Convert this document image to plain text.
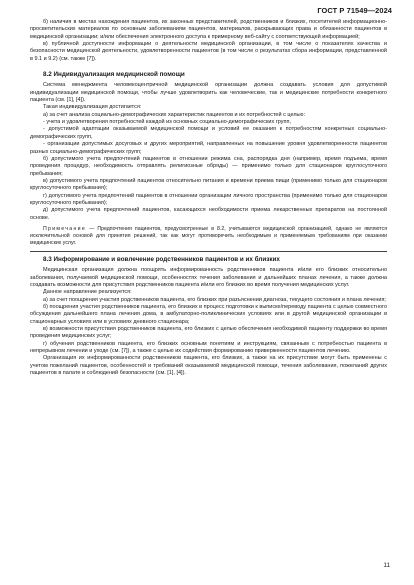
ГОСТ Р 71549—2024

б) наличия в местах нахождения пациентов, их законных представителей, родственников и близких, посетителей информационно-просветительских материалов по основным заболеваниям пациентов, материалов, раскрывающих права и обязанности пациентов в медицинской организации; и/или обеспечения электронного доступа к примерному веб-сайту с соответствующей информацией;

в) публичной доступности информации о деятельности медицинской организации, в том числе о показателях качества и безопасности медицинской деятельности, удовлетворенности пациентов (в том числе о результатах сбора информации, представленной в 9.1 и 9.2) (см. также [7]).

8.2 Индивидуализация медицинской помощи

Система менеджмента человекоцентричной медицинской организации должна создавать условия для допустимой индивидуализации медицинской помощи, чтобы лучше удовлетворить как человеческие, так и медицинские потребности конкретного пациента (см. [1], [4]).

Такая индивидуализация достигается:

а) за счет анализа социально-демографических характеристик пациентов и их потребностей с целью:

- учета и удовлетворения потребностей каждой из основных социально-демографических групп,

- допустимой адаптации оказываемой медицинской помощи и условий ее оказания к потребностям конкретных социально-демографических групп,

- организации допустимых досуговых и других мероприятий, направленных на повышение уровня удовлетворенности пациентов разных социально-демографических групп;

б) допустимого учета предпочтений пациентов в отношении режима сна, распорядка дня (например, время подъема, время проведения процедур, необходимость отправлять религиозные обряды) — применимо только для стационаров круглосуточного пребывания;

в) допустимого учета предпочтений пациентов относительно питания и времени приема пищи (применимо только для стационаров круглосуточного пребывания);

г) допустимого учета предпочтений пациентов в отношении организации личного пространства (применимо только для стационаров круглосуточного пребывания);

д) допустимого учета предпочтений пациентов, касающихся необходимости приема лекарственных препаратов на постоянной основе.

Примечание — Предпочтения пациентов, предусмотренные в 8.2, учитываются медицинской организацией, однако не являются исключительной основой для принятия решений, так как могут противоречить необходимым и применяемым требованиям при оказании медицинских услуг.

8.3 Информирование и вовлечение родственников пациентов и их близких

Медицинская организация должна поощрять информированность родственников пациента и/или его близких относительно заболевания, получаемой медицинской помощи, особенностях течения заболевания и дальнейших планах лечения, а также должна создавать возможности для присутствия родственников пациента и/или его близких во время получения медицинских услуг.

Данное направление реализуется:

а) за счет поощрения участия родственников пациента, его близких при разъяснении диагноза, текущего состояния и плана лечения;

б) поощрения участия родственников пациента, его близких в процесс подготовки к выписке/переводу пациента с целью совместного обсуждения дальнейшего плана лечения дома, в амбулаторно-поликлинических условиях или в другой медицинской организации в стационарных условиях или в условиях дневного стационара;

в) возможности присутствия родственников пациента, его близких с целью обеспечения необходимой пациенту поддержки во время проведения медицинских услуг;

г) обучения родственников пациента, его близких основным понятиям и инструкциям, связанным с потребностью пациента в непрерывном лечении и уходе (см. [7]), а также с целью их содействия формированию приверженности пациентов лечению.

Организация их информированности родственников пациента, его близких, а также на их присутствие могут быть применены с учетом пожеланий пациентов, особенностей и требований оказываемой медицинской помощи, течения заболевания, пожеланий других пациентов в палате и соблюдений безопасности (см. [1], [4]).

11
